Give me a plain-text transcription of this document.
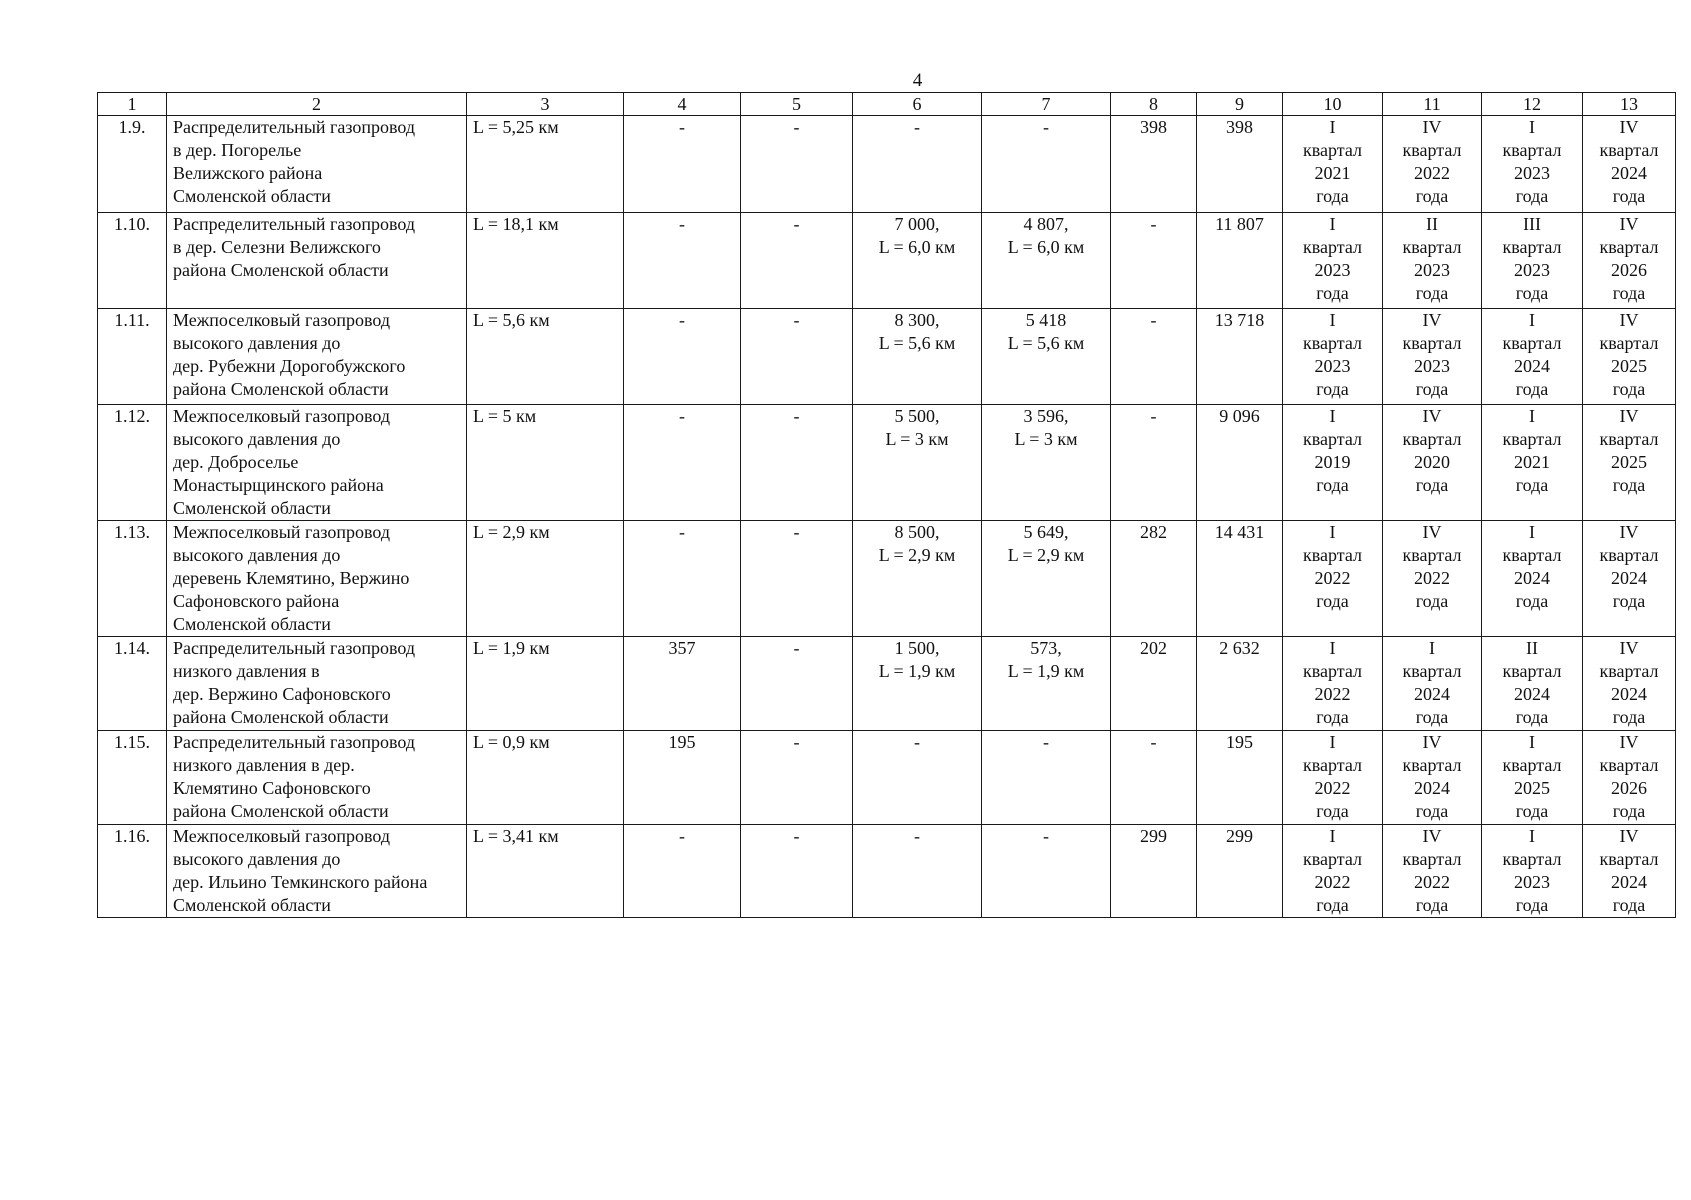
4
1	2	3	4	5	6	7	8	9	10	11	12	13
1.9.	Распределительный газопровод
в дер. Погорелье
Велижского района
Смоленской области	L = 5,25 км	-	-	-	-	398	398	I
квартал
2021
года	IV
квартал
2022
года	I
квартал
2023
года	IV
квартал
2024
года

1.10.	Распределительный газопровод
в дер. Селезни Велижского
района Смоленской области	L = 18,1 км	-	-	7 000,
L = 6,0 км	4 807,
L = 6,0 км	-	11 807	I
квартал
2023
года	II
квартал
2023
года	III
квартал
2023
года	IV
квартал
2026
года

1.11.	Межпоселковый газопровод
высокого давления до
дер. Рубежни Дорогобужского
района Смоленской области	L = 5,6 км	-	-	8 300,
L = 5,6 км	5 418
L = 5,6 км	-	13 718	I
квартал
2023
года	IV
квартал
2023
года	I
квартал
2024
года	IV
квартал
2025
года

1.12.	Межпоселковый газопровод
высокого давления до
дер. Доброселье
Монастырщинского района
Смоленской области	L = 5 км	-	-	5 500,
L = 3 км	3 596,
L = 3 км	-	9 096	I
квартал
2019
года	IV
квартал
2020
года	I
квартал
2021
года	IV
квартал
2025
года

1.13.	Межпоселковый газопровод
высокого давления до
деревень Клемятино, Вержино
Сафоновского района
Смоленской области	L = 2,9 км	-	-	8 500,
L = 2,9 км	5 649,
L = 2,9 км	282	14 431	I
квартал
2022
года	IV
квартал
2022
года	I
квартал
2024
года	IV
квартал
2024
года

1.14.	Распределительный газопровод
низкого давления в
дер. Вержино Сафоновского
района Смоленской области	L = 1,9 км	357	-	1 500,
L = 1,9 км	573,
L = 1,9 км	202	2 632	I
квартал
2022
года	I
квартал
2024
года	II
квартал
2024
года	IV
квартал
2024
года

1.15.	Распределительный газопровод
низкого давления в дер.
Клемятино Сафоновского
района Смоленской области	L = 0,9 км	195	-	-	-	-	195	I
квартал
2022
года	IV
квартал
2024
года	I
квартал
2025
года	IV
квартал
2026
года

1.16.	Межпоселковый газопровод
высокого давления до
дер. Ильино Темкинского района
Смоленской области	L = 3,41 км	-	-	-	-	299	299	I
квартал
2022
года	IV
квартал
2022
года	I
квартал
2023
года	IV
квартал
2024
года
